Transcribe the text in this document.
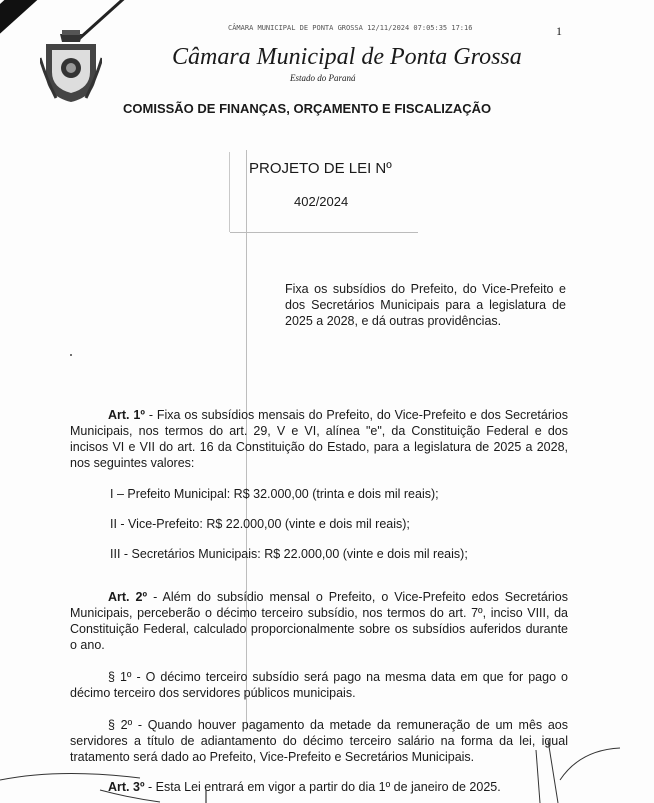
CÂMARA MUNICIPAL DE PONTA GROSSA 12/11/2024 07:05:35 17:16	1
Câmara Municipal de Ponta Grossa
Estado do Paraná
COMISSÃO DE FINANÇAS, ORÇAMENTO E FISCALIZAÇÃO
PROJETO DE LEI Nº
402/2024
Fixa os subsídios do Prefeito, do Vice-Prefeito e dos Secretários Municipais para a legislatura de 2025 a 2028, e dá outras providências.

Art. 1º - Fixa os subsídios mensais do Prefeito, do Vice-Prefeito e dos Secretários Municipais, nos termos do art. 29, V e VI, alínea "e", da Constituição Federal e dos incisos VI e VII do art. 16 da Constituição do Estado, para a legislatura de 2025 a 2028, nos seguintes valores:

I – Prefeito Municipal: R$ 32.000,00 (trinta e dois mil reais);
II - Vice-Prefeito: R$ 22.000,00 (vinte e dois mil reais);
III - Secretários Municipais: R$ 22.000,00 (vinte e dois mil reais);

Art. 2º - Além do subsídio mensal o Prefeito, o Vice-Prefeito edos Secretários Municipais, perceberão o décimo terceiro subsídio, nos termos do art. 7º, inciso VIII, da Constituição Federal, calculado proporcionalmente sobre os subsídios auferidos durante o ano.

§ 1º - O décimo terceiro subsídio será pago na mesma data em que for pago o décimo terceiro dos servidores públicos municipais.

§ 2º - Quando houver pagamento da metade da remuneração de um mês aos servidores a título de adiantamento do décimo terceiro salário na forma da lei, igual tratamento será dado ao Prefeito, Vice-Prefeito e Secretários Municipais.

Art. 3º - Esta Lei entrará em vigor a partir do dia 1º de janeiro de 2025.
